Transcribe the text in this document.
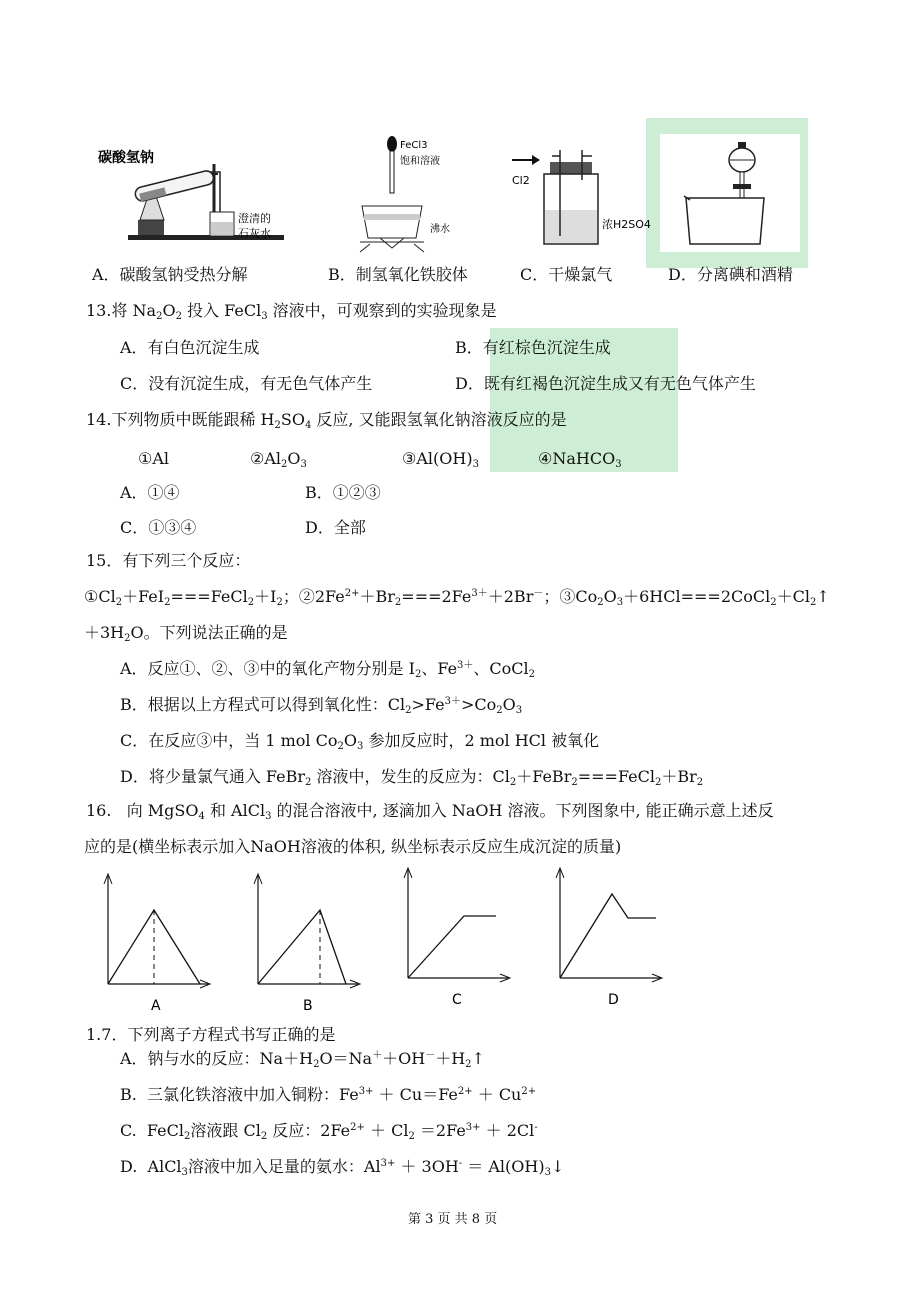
碳酸氢钠
澄清的
石灰水
FeCl3
饱和溶液
沸水
Cl2
浓H2SO4
A．碳酸氢钠受热分解	B．制氢氧化铁胶体	C．干燥氯气	D．分离碘和酒精
13.将 $Na_2O_2$ 投入 FeCl$_3$ 溶液中，可观察到的实验现象是
A．有白色沉淀生成	B．有红棕色沉淀生成
C．没有沉淀生成，有无色气体产生	D．既有红褐色沉淀生成又有无色气体产生
14.下列物质中既能跟稀 $H_2SO_4$ 反应, 又能跟氢氧化钠溶液反应的是
①Al	$②Al_2O_3$	$③Al(OH)_3$	④NaHCO$_3$
A．①④	B．①②③
C．①③④	D．全部
15．有下列三个反应：
$①Cl_2+FeI_2===FeCl_2+I_2$；$②2Fe^{2+}+Br_2===2Fe^{3+}+2Br^-$；$③Co_2O_3+6HCl===2CoCl_2+Cl_2↑$
$+3H_2O$。下列说法正确的是
A．反应①、②、③中的氧化产物分别是 $I_2$、$Fe^{3+}$、CoCl$_2$
B．根据以上方程式可以得到氧化性：$Cl_2>Fe^{3+}>Co_2O_3$
C．在反应③中，当 1 mol $Co_2O_3$ 参加反应时，2 mol HCl 被氧化
D．将少量氯气通入 FeBr$_2$ 溶液中，发生的反应为：$Cl_2+FeBr_2===FeCl_2+Br_2$
16.   向 MgSO$_4$ 和 AlCl$_3$ 的混合溶液中, 逐滴加入 NaOH 溶液。下列图象中, 能正确示意上述反
应的是(横坐标表示加入NaOH溶液的体积, 纵坐标表示反应生成沉淀的质量)
A	B	C	D
1.7．下列离子方程式书写正确的是
A．钠与水的反应：$Na+H_2O=Na^++OH^-+H_2↑$
B.  三氯化铁溶液中加入铜粉：$Fe^{3+} + Cu=Fe^{2+} + Cu^{2+}$
C.  FeCl$_2$溶液跟 $Cl_2$ 反应：$2Fe^{2+} + Cl_2 =2Fe^{3+} + 2Cl^-$
D.  AlCl$_3$溶液中加入足量的氨水：$Al^{3+} + 3OH^-$ ＝ $Al(OH)_3↓$
第 3 页 共 8 页
